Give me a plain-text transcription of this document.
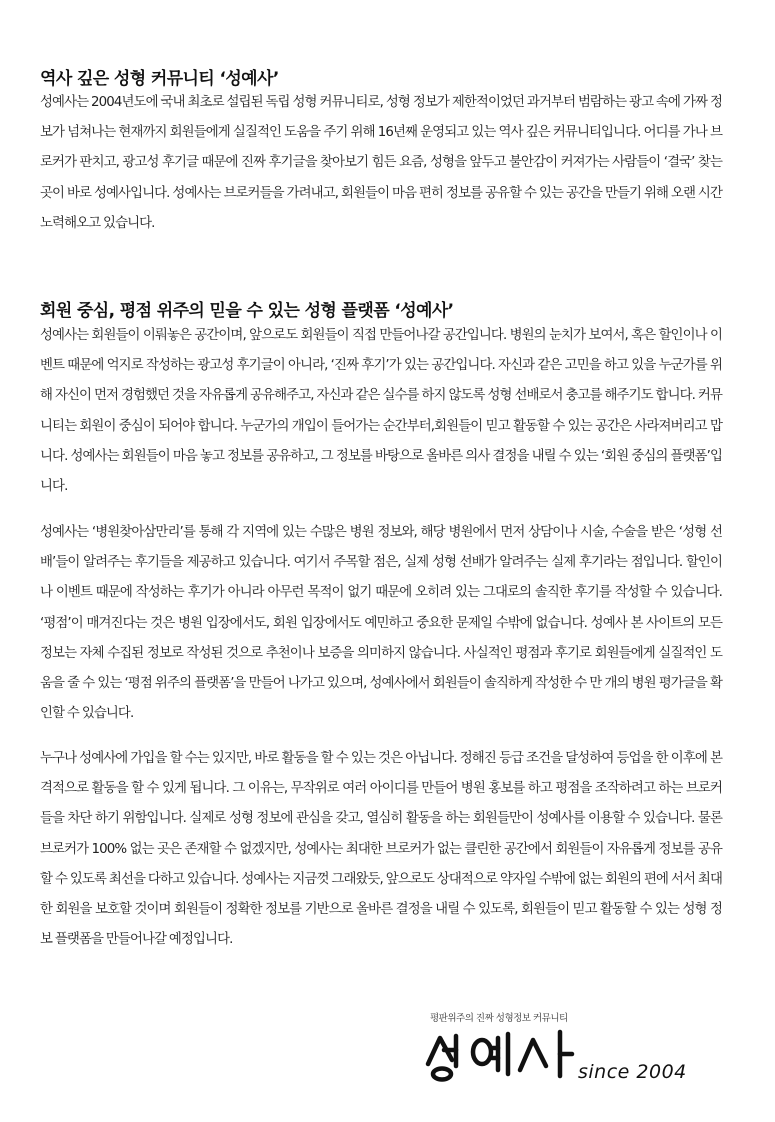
역사 깊은 성형 커뮤니티 ‘성예사’

성예사는 2004년도에 국내 최초로 설립된 독립 성형 커뮤니티로, 성형 정보가 제한적이었던 과거부터 범람하는 광고 속에 가짜 정보가 넘쳐나는 현재까지 회원들에게 실질적인 도움을 주기 위해 16년째 운영되고 있는 역사 깊은 커뮤니티입니다. 어디를 가나 브로커가 판치고, 광고성 후기글 때문에 진짜 후기글을 찾아보기 힘든 요즘, 성형을 앞두고 불안감이 커져가는 사람들이 ‘결국’ 찾는 곳이 바로 성예사입니다. 성예사는 브로커들을 가려내고, 회원들이 마음 편히 정보를 공유할 수 있는 공간을 만들기 위해 오랜 시간 노력해오고 있습니다.

회원 중심, 평점 위주의 믿을 수 있는 성형 플랫폼 ‘성예사’

성예사는 회원들이 이뤄놓은 공간이며, 앞으로도 회원들이 직접 만들어나갈 공간입니다. 병원의 눈치가 보여서, 혹은 할인이나 이벤트 때문에 억지로 작성하는 광고성 후기글이 아니라, ‘진짜 후기’가 있는 공간입니다. 자신과 같은 고민을 하고 있을 누군가를 위해 자신이 먼저 경험했던 것을 자유롭게 공유해주고, 자신과 같은 실수를 하지 않도록 성형 선배로서 충고를 해주기도 합니다. 커뮤니티는 회원이 중심이 되어야 합니다. 누군가의 개입이 들어가는 순간부터,회원들이 믿고 활동할 수 있는 공간은 사라져버리고 맙니다. 성예사는 회원들이 마음 놓고 정보를 공유하고, 그 정보를 바탕으로 올바른 의사 결정을 내릴 수 있는 ‘회원 중심의 플랫폼’입니다.

성예사는 ‘병원찾아삼만리’를 통해 각 지역에 있는 수많은 병원 정보와, 해당 병원에서 먼저 상담이나 시술, 수술을 받은 ‘성형 선배’들이 알려주는 후기들을 제공하고 있습니다. 여기서 주목할 점은, 실제 성형 선배가 알려주는 실제 후기라는 점입니다. 할인이나 이벤트 때문에 작성하는 후기가 아니라 아무런 목적이 없기 때문에 오히려 있는 그대로의 솔직한 후기를 작성할 수 있습니다. ‘평점’이 매겨진다는 것은 병원 입장에서도, 회원 입장에서도 예민하고 중요한 문제일 수밖에 없습니다. 성예사 본 사이트의 모든 정보는 자체 수집된 정보로 작성된 것으로 추천이나 보증을 의미하지 않습니다. 사실적인 평점과 후기로 회원들에게 실질적인 도움을 줄 수 있는 ‘평점 위주의 플랫폼’을 만들어 나가고 있으며, 성예사에서 회원들이 솔직하게 작성한 수 만 개의 병원 평가글을 확인할 수 있습니다.

누구나 성예사에 가입을 할 수는 있지만, 바로 활동을 할 수 있는 것은 아닙니다. 정해진 등급 조건을 달성하여 등업을 한 이후에 본격적으로 활동을 할 수 있게 됩니다. 그 이유는, 무작위로 여러 아이디를 만들어 병원 홍보를 하고 평점을 조작하려고 하는 브로커들을 차단 하기 위함입니다. 실제로 성형 정보에 관심을 갖고, 열심히 활동을 하는 회원들만이 성예사를 이용할 수 있습니다. 물론 브로커가 100% 없는 곳은 존재할 수 없겠지만, 성예사는 최대한 브로커가 없는 클린한 공간에서 회원들이 자유롭게 정보를 공유할 수 있도록 최선을 다하고 있습니다. 성예사는 지금껏 그래왔듯, 앞으로도 상대적으로 약자일 수밖에 없는 회원의 편에 서서 최대한 회원을 보호할 것이며 회원들이 정확한 정보를 기반으로 올바른 결정을 내릴 수 있도록, 회원들이 믿고 활동할 수 있는 성형 정보 플랫폼을 만들어나갈 예정입니다.

평판위주의 진짜 성형정보 커뮤니티
since 2004
